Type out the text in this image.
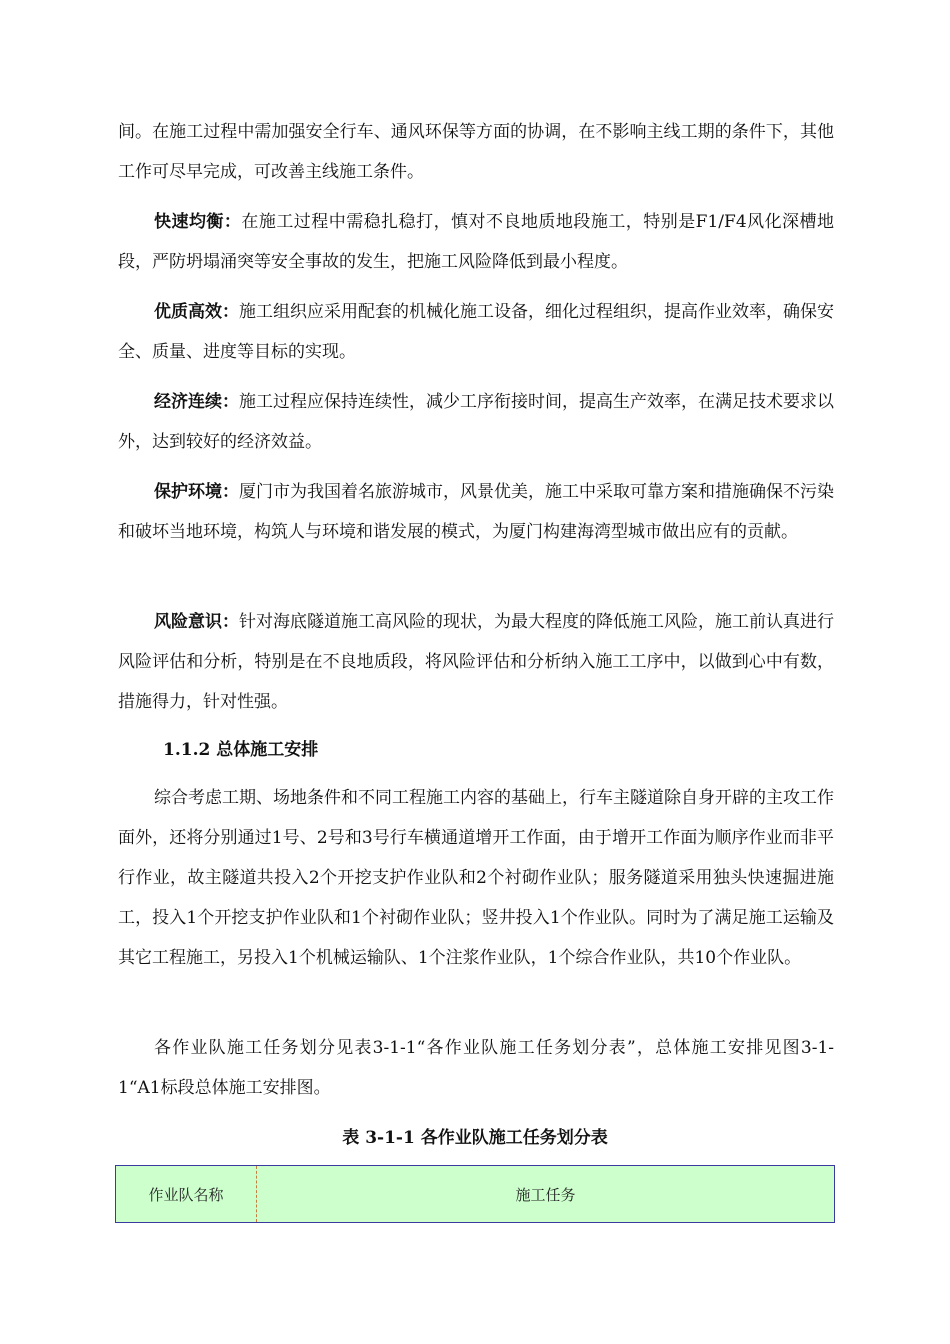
间。在施工过程中需加强安全行车、通风环保等方面的协调，在不影响主线工期的条件下，其他工作可尽早完成，可改善主线施工条件。

快速均衡：在施工过程中需稳扎稳打，慎对不良地质地段施工，特别是F1/F4风化深槽地段，严防坍塌涌突等安全事故的发生，把施工风险降低到最小程度。

优质高效：施工组织应采用配套的机械化施工设备，细化过程组织，提高作业效率，确保安全、质量、进度等目标的实现。

经济连续：施工过程应保持连续性，减少工序衔接时间，提高生产效率，在满足技术要求以外，达到较好的经济效益。

保护环境：厦门市为我国着名旅游城市，风景优美，施工中采取可靠方案和措施确保不污染和破坏当地环境，构筑人与环境和谐发展的模式，为厦门构建海湾型城市做出应有的贡献。

风险意识：针对海底隧道施工高风险的现状，为最大程度的降低施工风险，施工前认真进行风险评估和分析，特别是在不良地质段，将风险评估和分析纳入施工工序中，以做到心中有数，措施得力，针对性强。

1.1.2 总体施工安排

综合考虑工期、场地条件和不同工程施工内容的基础上，行车主隧道除自身开辟的主攻工作面外，还将分别通过1号、2号和3号行车横通道增开工作面，由于增开工作面为顺序作业而非平行作业，故主隧道共投入2个开挖支护作业队和2个衬砌作业队；服务隧道采用独头快速掘进施工，投入1个开挖支护作业队和1个衬砌作业队；竖井投入1个作业队。同时为了满足施工运输及其它工程施工，另投入1个机械运输队、1个注浆作业队，1个综合作业队，共10个作业队。

各作业队施工任务划分见表3-1-1“各作业队施工任务划分表”，总体施工安排见图3-1-1“A1标段总体施工安排图。

表 3-1-1 各作业队施工任务划分表
作业队名称	施工任务
